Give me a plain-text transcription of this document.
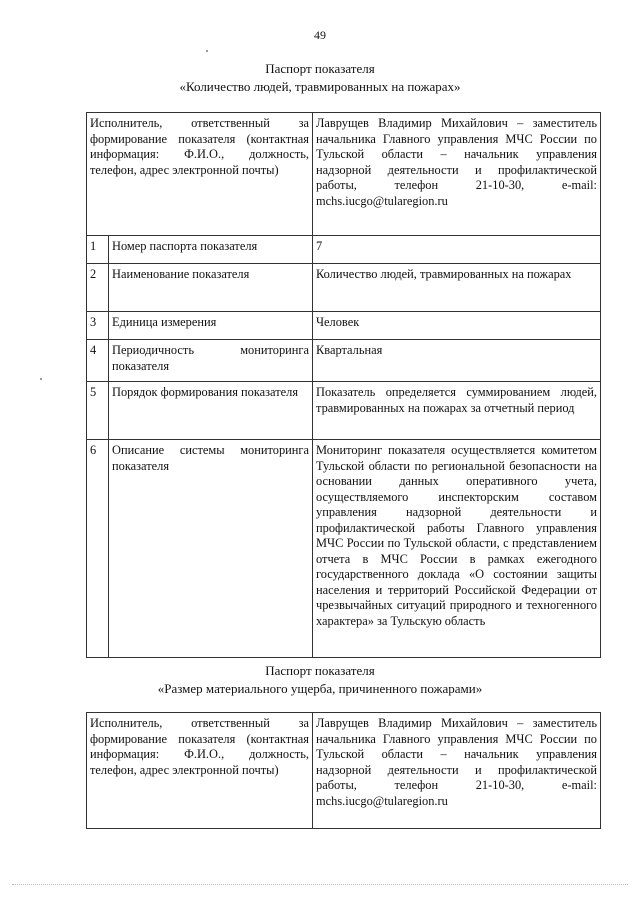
49
Паспорт показателя
«Количество людей, травмированных на пожарах»
Исполнитель, ответственный за формирование показателя (контактная информация: Ф.И.О., должность, телефон, адрес электронной почты)		Лаврущев Владимир Михайлович – заместитель начальника Главного управления МЧС России по Тульской области – начальник управления надзорной деятельности и профилактической работы, телефон 21-10-30, e-mail: mchs.iucgo@tularegion.ru
1	Номер паспорта показателя	7
2	Наименование показателя	Количество людей, травмированных на пожарах
3	Единица измерения	Человек
4	Периодичность мониторинга показателя	Квартальная
5	Порядок формирования показателя	Показатель определяется суммированием людей, травмированных на пожарах за отчетный период
6	Описание системы мониторинга показателя	Мониторинг показателя осуществляется комитетом Тульской области по региональной безопасности на основании данных оперативного учета, осуществляемого инспекторским составом управления надзорной деятельности и профилактической работы Главного управления МЧС России по Тульской области, с представлением отчета в МЧС России в рамках ежегодного государственного доклада «О состоянии защиты населения и территорий Российской Федерации от чрезвычайных ситуаций природного и техногенного характера» за Тульскую область
Паспорт показателя
«Размер материального ущерба, причиненного пожарами»
Исполнитель, ответственный за формирование показателя (контактная информация: Ф.И.О., должность, телефон, адрес электронной почты)	Лаврущев Владимир Михайлович – заместитель начальника Главного управления МЧС России по Тульской области – начальник управления надзорной деятельности и профилактической работы, телефон 21-10-30, e-mail: mchs.iucgo@tularegion.ru
